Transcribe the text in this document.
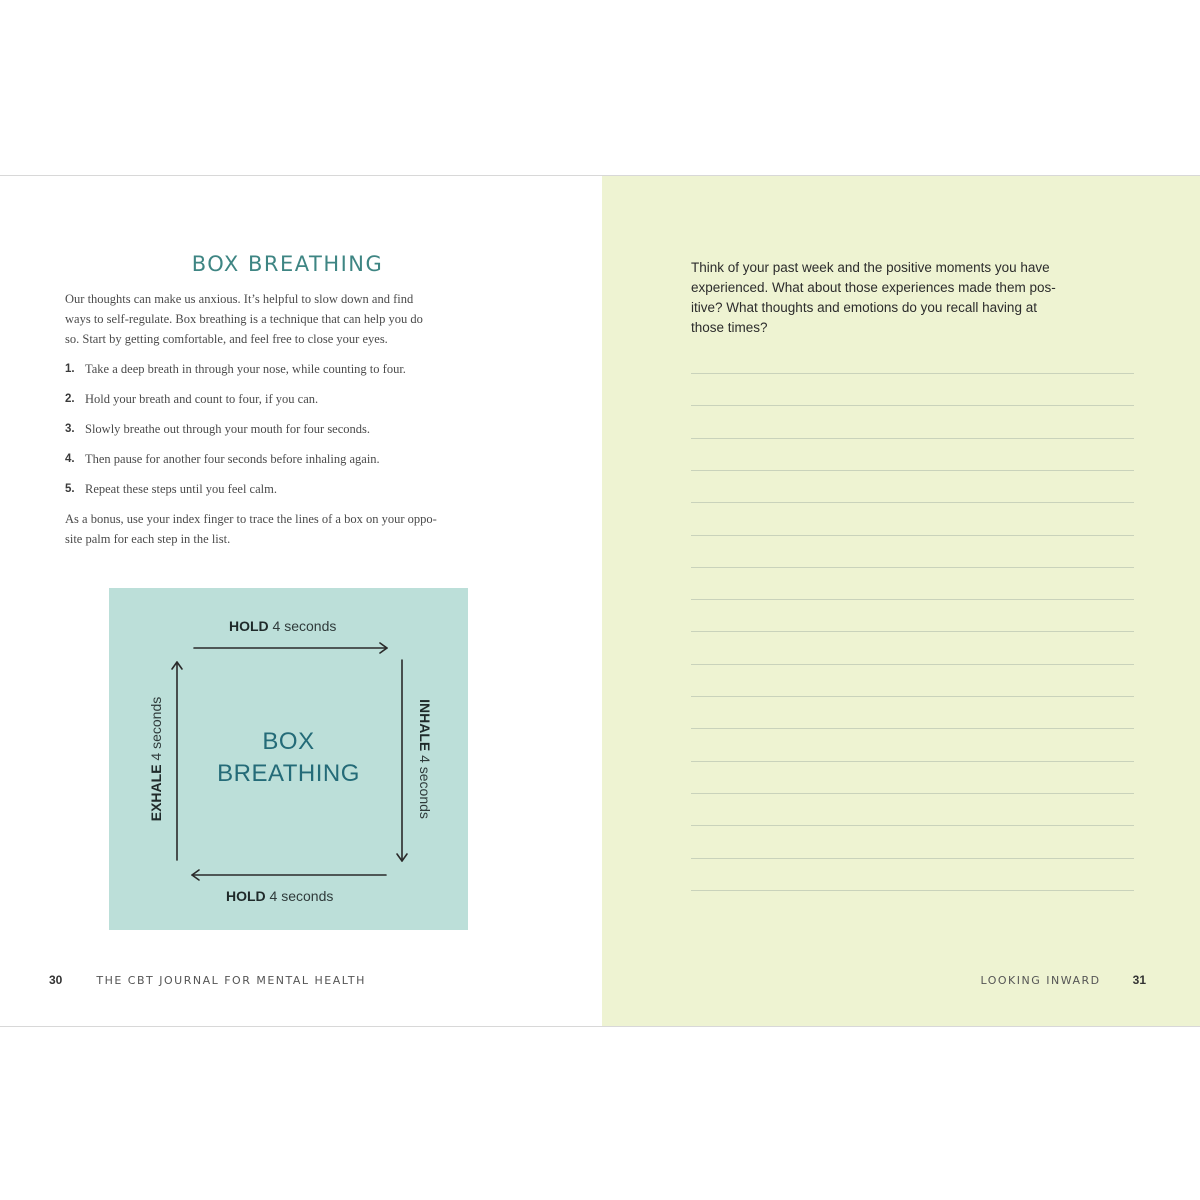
BOX BREATHING
Our thoughts can make us anxious. It’s helpful to slow down and find
ways to self-regulate. Box breathing is a technique that can help you do
so. Start by getting comfortable, and feel free to close your eyes.
1. Take a deep breath in through your nose, while counting to four.
2. Hold your breath and count to four, if you can.
3. Slowly breathe out through your mouth for four seconds.
4. Then pause for another four seconds before inhaling again.
5. Repeat these steps until you feel calm.
As a bonus, use your index finger to trace the lines of a box on your oppo-
site palm for each step in the list.
HOLD 4 seconds
INHALE 4 seconds
HOLD 4 seconds
EXHALE 4 seconds	BOX
BREATHING
30	THE CBT JOURNAL FOR MENTAL HEALTH
Think of your past week and the positive moments you have
experienced. What about those experiences made them pos-
itive? What thoughts and emotions do you recall having at
those times?
LOOKING INWARD	31
